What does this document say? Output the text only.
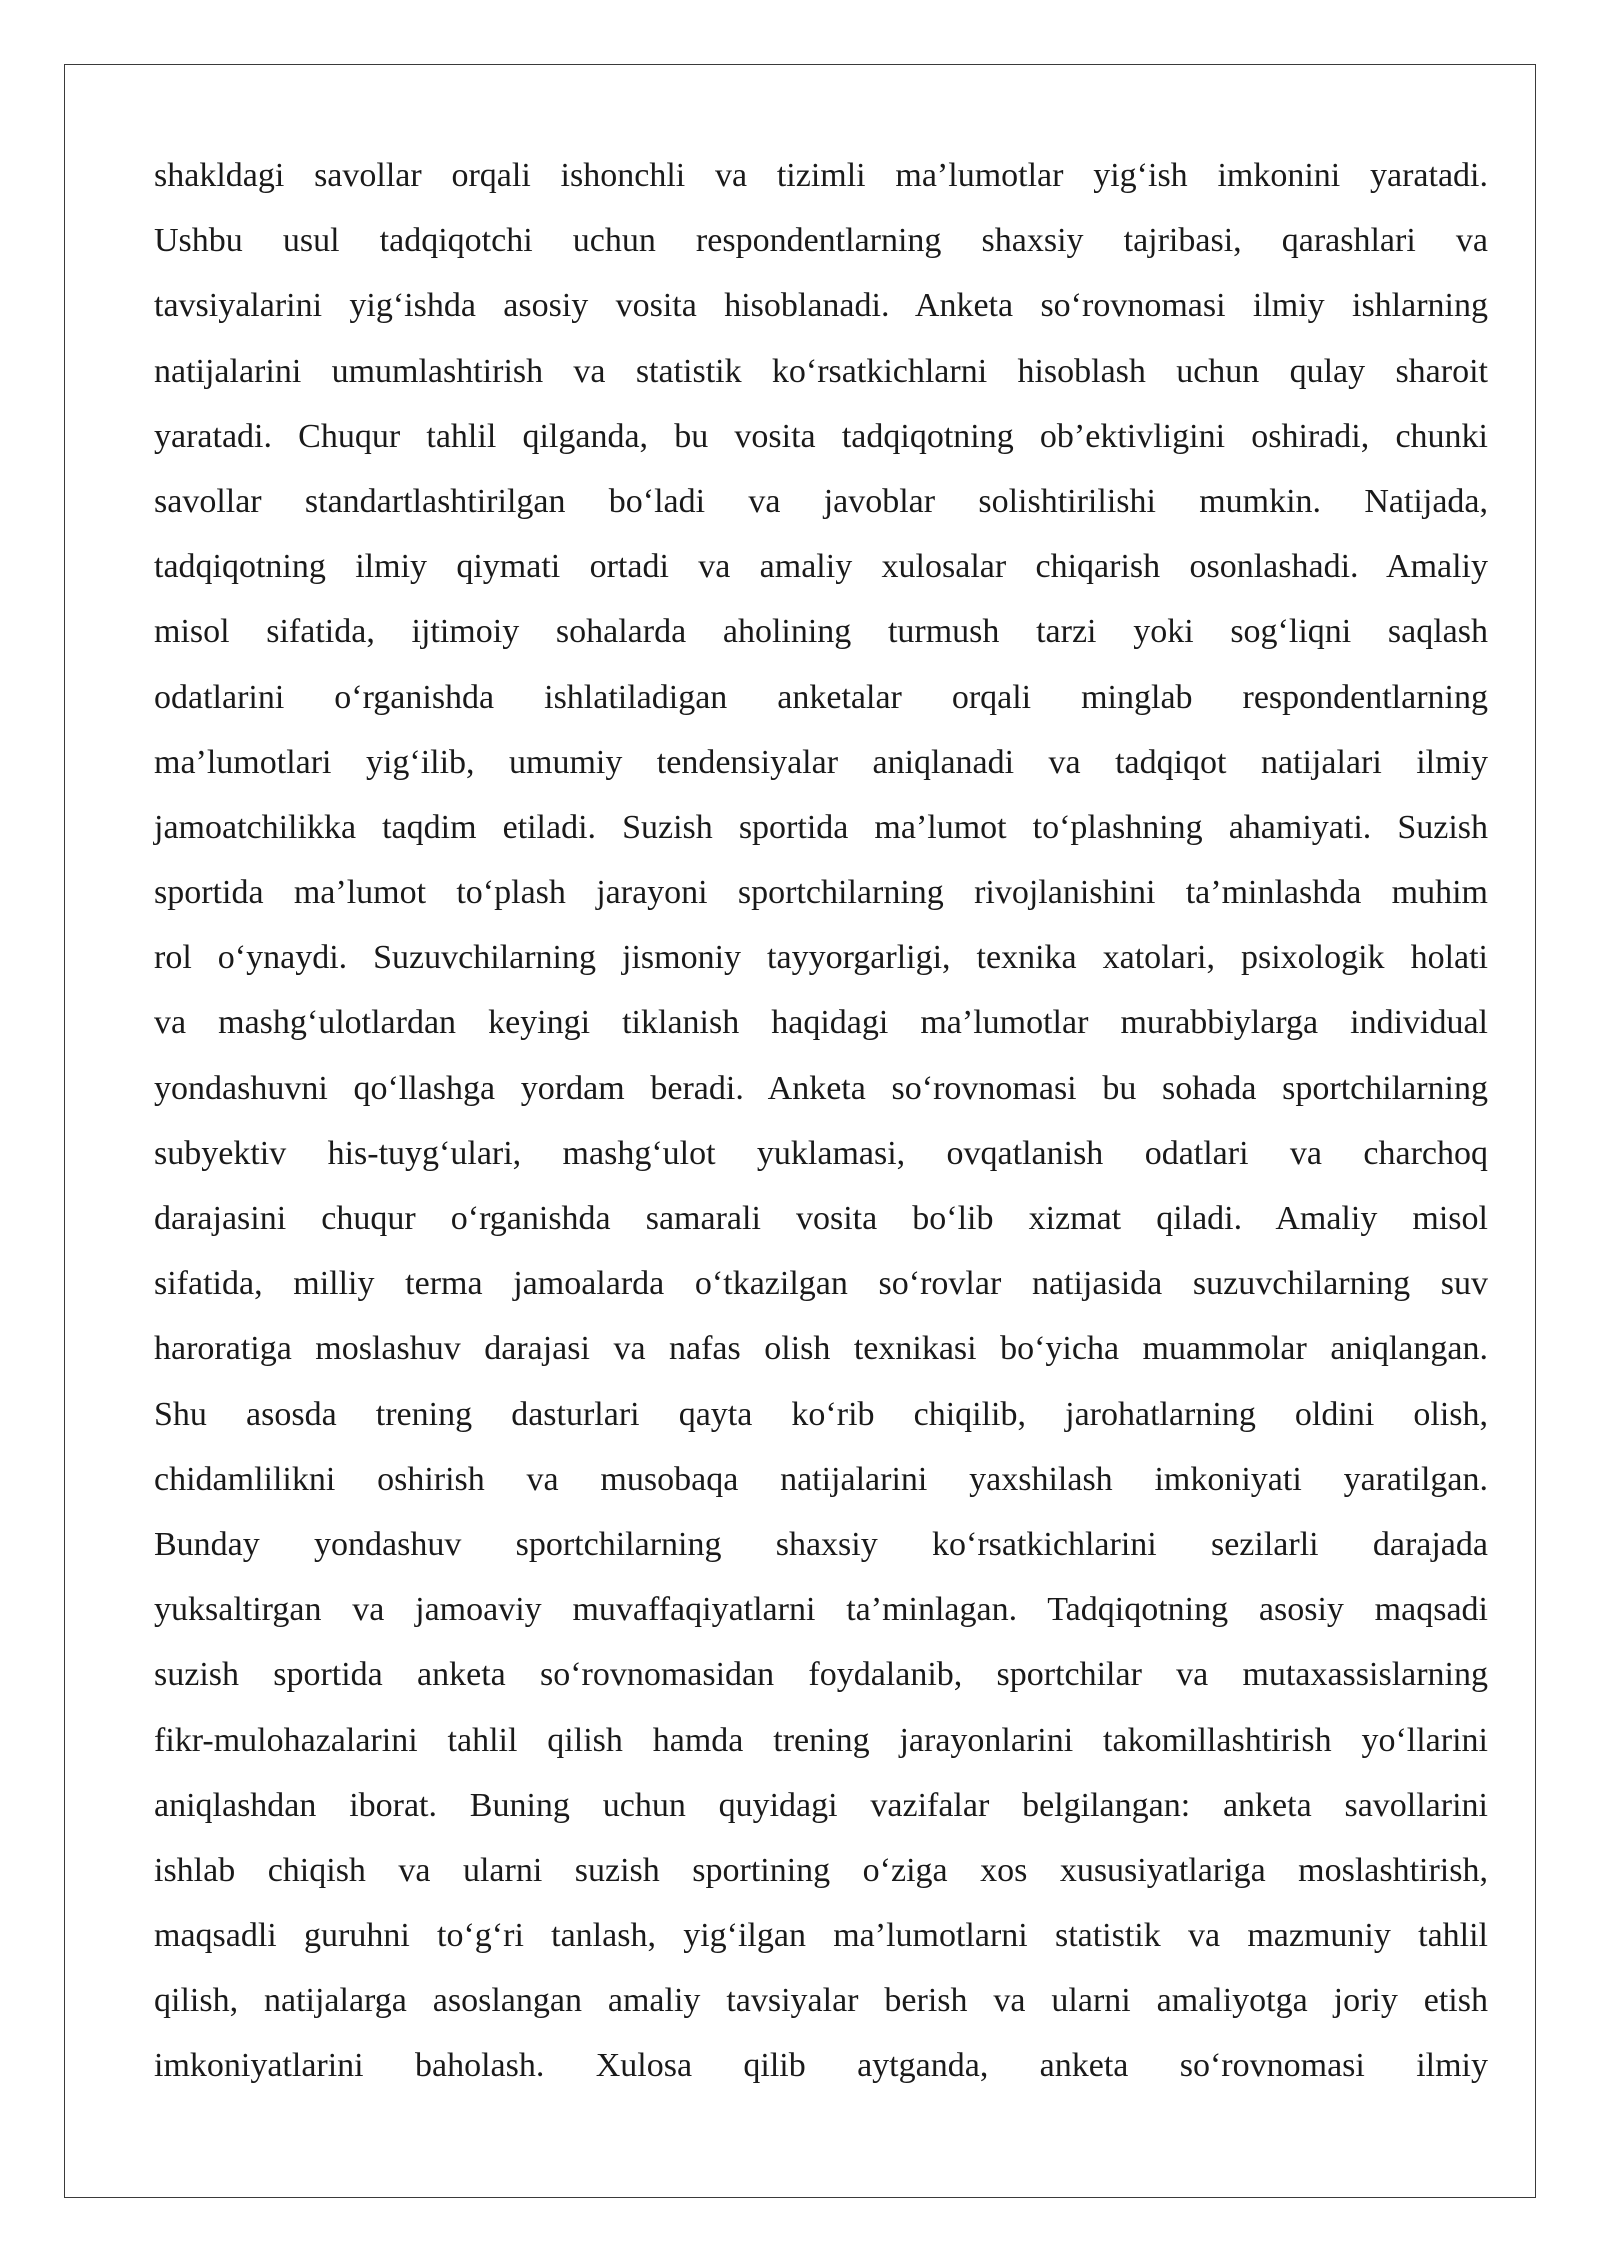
shakldagi savollar orqali ishonchli va tizimli ma’lumotlar yig‘ish imkonini yaratadi.
Ushbu usul tadqiqotchi uchun respondentlarning shaxsiy tajribasi, qarashlari va
tavsiyalarini yig‘ishda asosiy vosita hisoblanadi. Anketa so‘rovnomasi ilmiy ishlarning
natijalarini umumlashtirish va statistik ko‘rsatkichlarni hisoblash uchun qulay sharoit
yaratadi. Chuqur tahlil qilganda, bu vosita tadqiqotning ob’ektivligini oshiradi, chunki
savollar standartlashtirilgan bo‘ladi va javoblar solishtirilishi mumkin. Natijada,
tadqiqotning ilmiy qiymati ortadi va amaliy xulosalar chiqarish osonlashadi. Amaliy
misol sifatida, ijtimoiy sohalarda aholining turmush tarzi yoki sog‘liqni saqlash
odatlarini o‘rganishda ishlatiladigan anketalar orqali minglab respondentlarning
ma’lumotlari yig‘ilib, umumiy tendensiyalar aniqlanadi va tadqiqot natijalari ilmiy
jamoatchilikka taqdim etiladi. Suzish sportida ma’lumot to‘plashning ahamiyati. Suzish
sportida ma’lumot to‘plash jarayoni sportchilarning rivojlanishini ta’minlashda muhim
rol o‘ynaydi. Suzuvchilarning jismoniy tayyorgarligi, texnika xatolari, psixologik holati
va mashg‘ulotlardan keyingi tiklanish haqidagi ma’lumotlar murabbiylarga individual
yondashuvni qo‘llashga yordam beradi. Anketa so‘rovnomasi bu sohada sportchilarning
subyektiv his-tuyg‘ulari, mashg‘ulot yuklamasi, ovqatlanish odatlari va charchoq
darajasini chuqur o‘rganishda samarali vosita bo‘lib xizmat qiladi. Amaliy misol
sifatida, milliy terma jamoalarda o‘tkazilgan so‘rovlar natijasida suzuvchilarning suv
haroratiga moslashuv darajasi va nafas olish texnikasi bo‘yicha muammolar aniqlangan.
Shu asosda trening dasturlari qayta ko‘rib chiqilib, jarohatlarning oldini olish,
chidamlilikni oshirish va musobaqa natijalarini yaxshilash imkoniyati yaratilgan.
Bunday yondashuv sportchilarning shaxsiy ko‘rsatkichlarini sezilarli darajada
yuksaltirgan va jamoaviy muvaffaqiyatlarni ta’minlagan. Tadqiqotning asosiy maqsadi
suzish sportida anketa so‘rovnomasidan foydalanib, sportchilar va mutaxassislarning
fikr-mulohazalarini tahlil qilish hamda trening jarayonlarini takomillashtirish yo‘llarini
aniqlashdan iborat. Buning uchun quyidagi vazifalar belgilangan: anketa savollarini
ishlab chiqish va ularni suzish sportining o‘ziga xos xususiyatlariga moslashtirish,
maqsadli guruhni to‘g‘ri tanlash, yig‘ilgan ma’lumotlarni statistik va mazmuniy tahlil
qilish, natijalarga asoslangan amaliy tavsiyalar berish va ularni amaliyotga joriy etish
imkoniyatlarini baholash. Xulosa qilib aytganda, anketa so‘rovnomasi ilmiy
